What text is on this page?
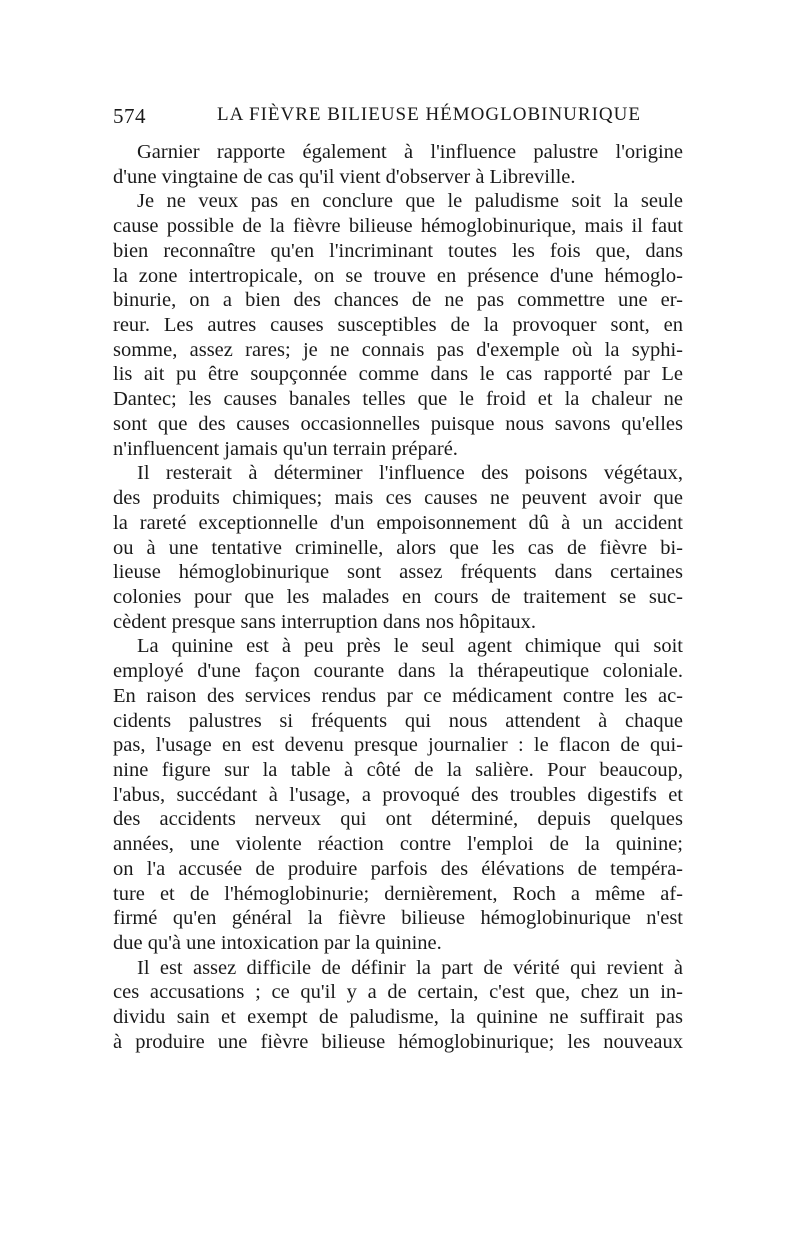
574	LA FIÈVRE BILIEUSE HÉMOGLOBINURIQUE
Garnier rapporte également à l'influence palustre l'origine
d'une vingtaine de cas qu'il vient d'observer à Libreville.
Je ne veux pas en conclure que le paludisme soit la seule
cause possible de la fièvre bilieuse hémoglobinurique, mais il faut
bien reconnaître qu'en l'incriminant toutes les fois que, dans
la zone intertropicale, on se trouve en présence d'une hémoglo-
binurie, on a bien des chances de ne pas commettre une er-
reur. Les autres causes susceptibles de la provoquer sont, en
somme, assez rares; je ne connais pas d'exemple où la syphi-
lis ait pu être soupçonnée comme dans le cas rapporté par Le
Dantec; les causes banales telles que le froid et la chaleur ne
sont que des causes occasionnelles puisque nous savons qu'elles
n'influencent jamais qu'un terrain préparé.
Il resterait à déterminer l'influence des poisons végétaux,
des produits chimiques; mais ces causes ne peuvent avoir que
la rareté exceptionnelle d'un empoisonnement dû à un accident
ou à une tentative criminelle, alors que les cas de fièvre bi-
lieuse hémoglobinurique sont assez fréquents dans certaines
colonies pour que les malades en cours de traitement se suc-
cèdent presque sans interruption dans nos hôpitaux.
La quinine est à peu près le seul agent chimique qui soit
employé d'une façon courante dans la thérapeutique coloniale.
En raison des services rendus par ce médicament contre les ac-
cidents palustres si fréquents qui nous attendent à chaque
pas, l'usage en est devenu presque journalier : le flacon de qui-
nine figure sur la table à côté de la salière. Pour beaucoup,
l'abus, succédant à l'usage, a provoqué des troubles digestifs et
des accidents nerveux qui ont déterminé, depuis quelques
années, une violente réaction contre l'emploi de la quinine;
on l'a accusée de produire parfois des élévations de tempéra-
ture et de l'hémoglobinurie; dernièrement, Roch a même af-
firmé qu'en général la fièvre bilieuse hémoglobinurique n'est
due qu'à une intoxication par la quinine.
Il est assez difficile de définir la part de vérité qui revient à
ces accusations ; ce qu'il y a de certain, c'est que, chez un in-
dividu sain et exempt de paludisme, la quinine ne suffirait pas
à produire une fièvre bilieuse hémoglobinurique; les nouveaux
